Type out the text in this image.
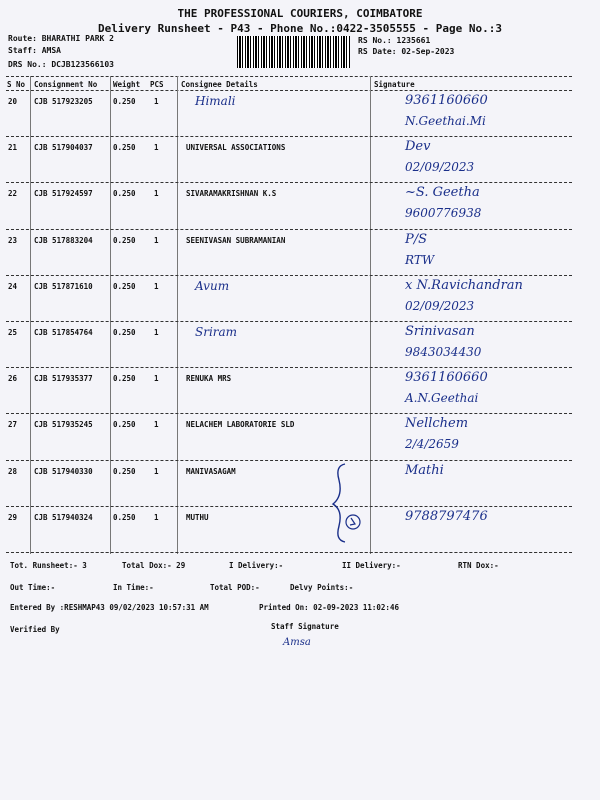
THE PROFESSIONAL COURIERS, COIMBATORE
Delivery Runsheet - P43 - Phone No.:0422-3505555 - Page No.:3
Route: BHARATHI PARK 2
Staff: AMSA
DRS No.: DCJB123566103
RS No.: 1235661
RS Date: 02-Sep-2023
S No Consignment No Weight PCS Consignee Details	Signature
20 CJB 517923205	0.250 1	Himali	9361160660
N.Geethai.Mi
21 CJB 517904037	0.250 1	UNIVERSAL ASSOCIATIONS	Dev
02/09/2023
22 CJB 517924597	0.250 1	SIVARAMAKRISHNAN K.S	~S. Geetha
9600776938
23 CJB 517883204	0.250 1	SEENIVASAN SUBRAMANIAN	P/S
RTW
24 CJB 517871610	0.250 1	Avum	x N.Ravichandran
02/09/2023
25 CJB 517854764	0.250 1	Sriram	Srinivasan
9843034430
26 CJB 517935377	0.250 1	RENUKA MRS	9361160660
A.N.Geethai
27 CJB 517935245	0.250 1	NELACHEM LABORATORIE SLD	Nellchem
2/4/2659
28 CJB 517940330	0.250 1	MANIVASAGAM	Mathi
29 CJB 517940324	0.250 1	MUTHU	9788797476
Tot. Runsheet:- 3	Total Dox:- 29	I Delivery:-	II Delivery:-	RTN Dox:-
Out Time:-	In Time:-	Total POD:-	Delvy Points:-
Entered By :RESHMAP43 09/02/2023 10:57:31 AM	Printed On: 02-09-2023 11:02:46
Verified By	Staff Signature
Amsa
